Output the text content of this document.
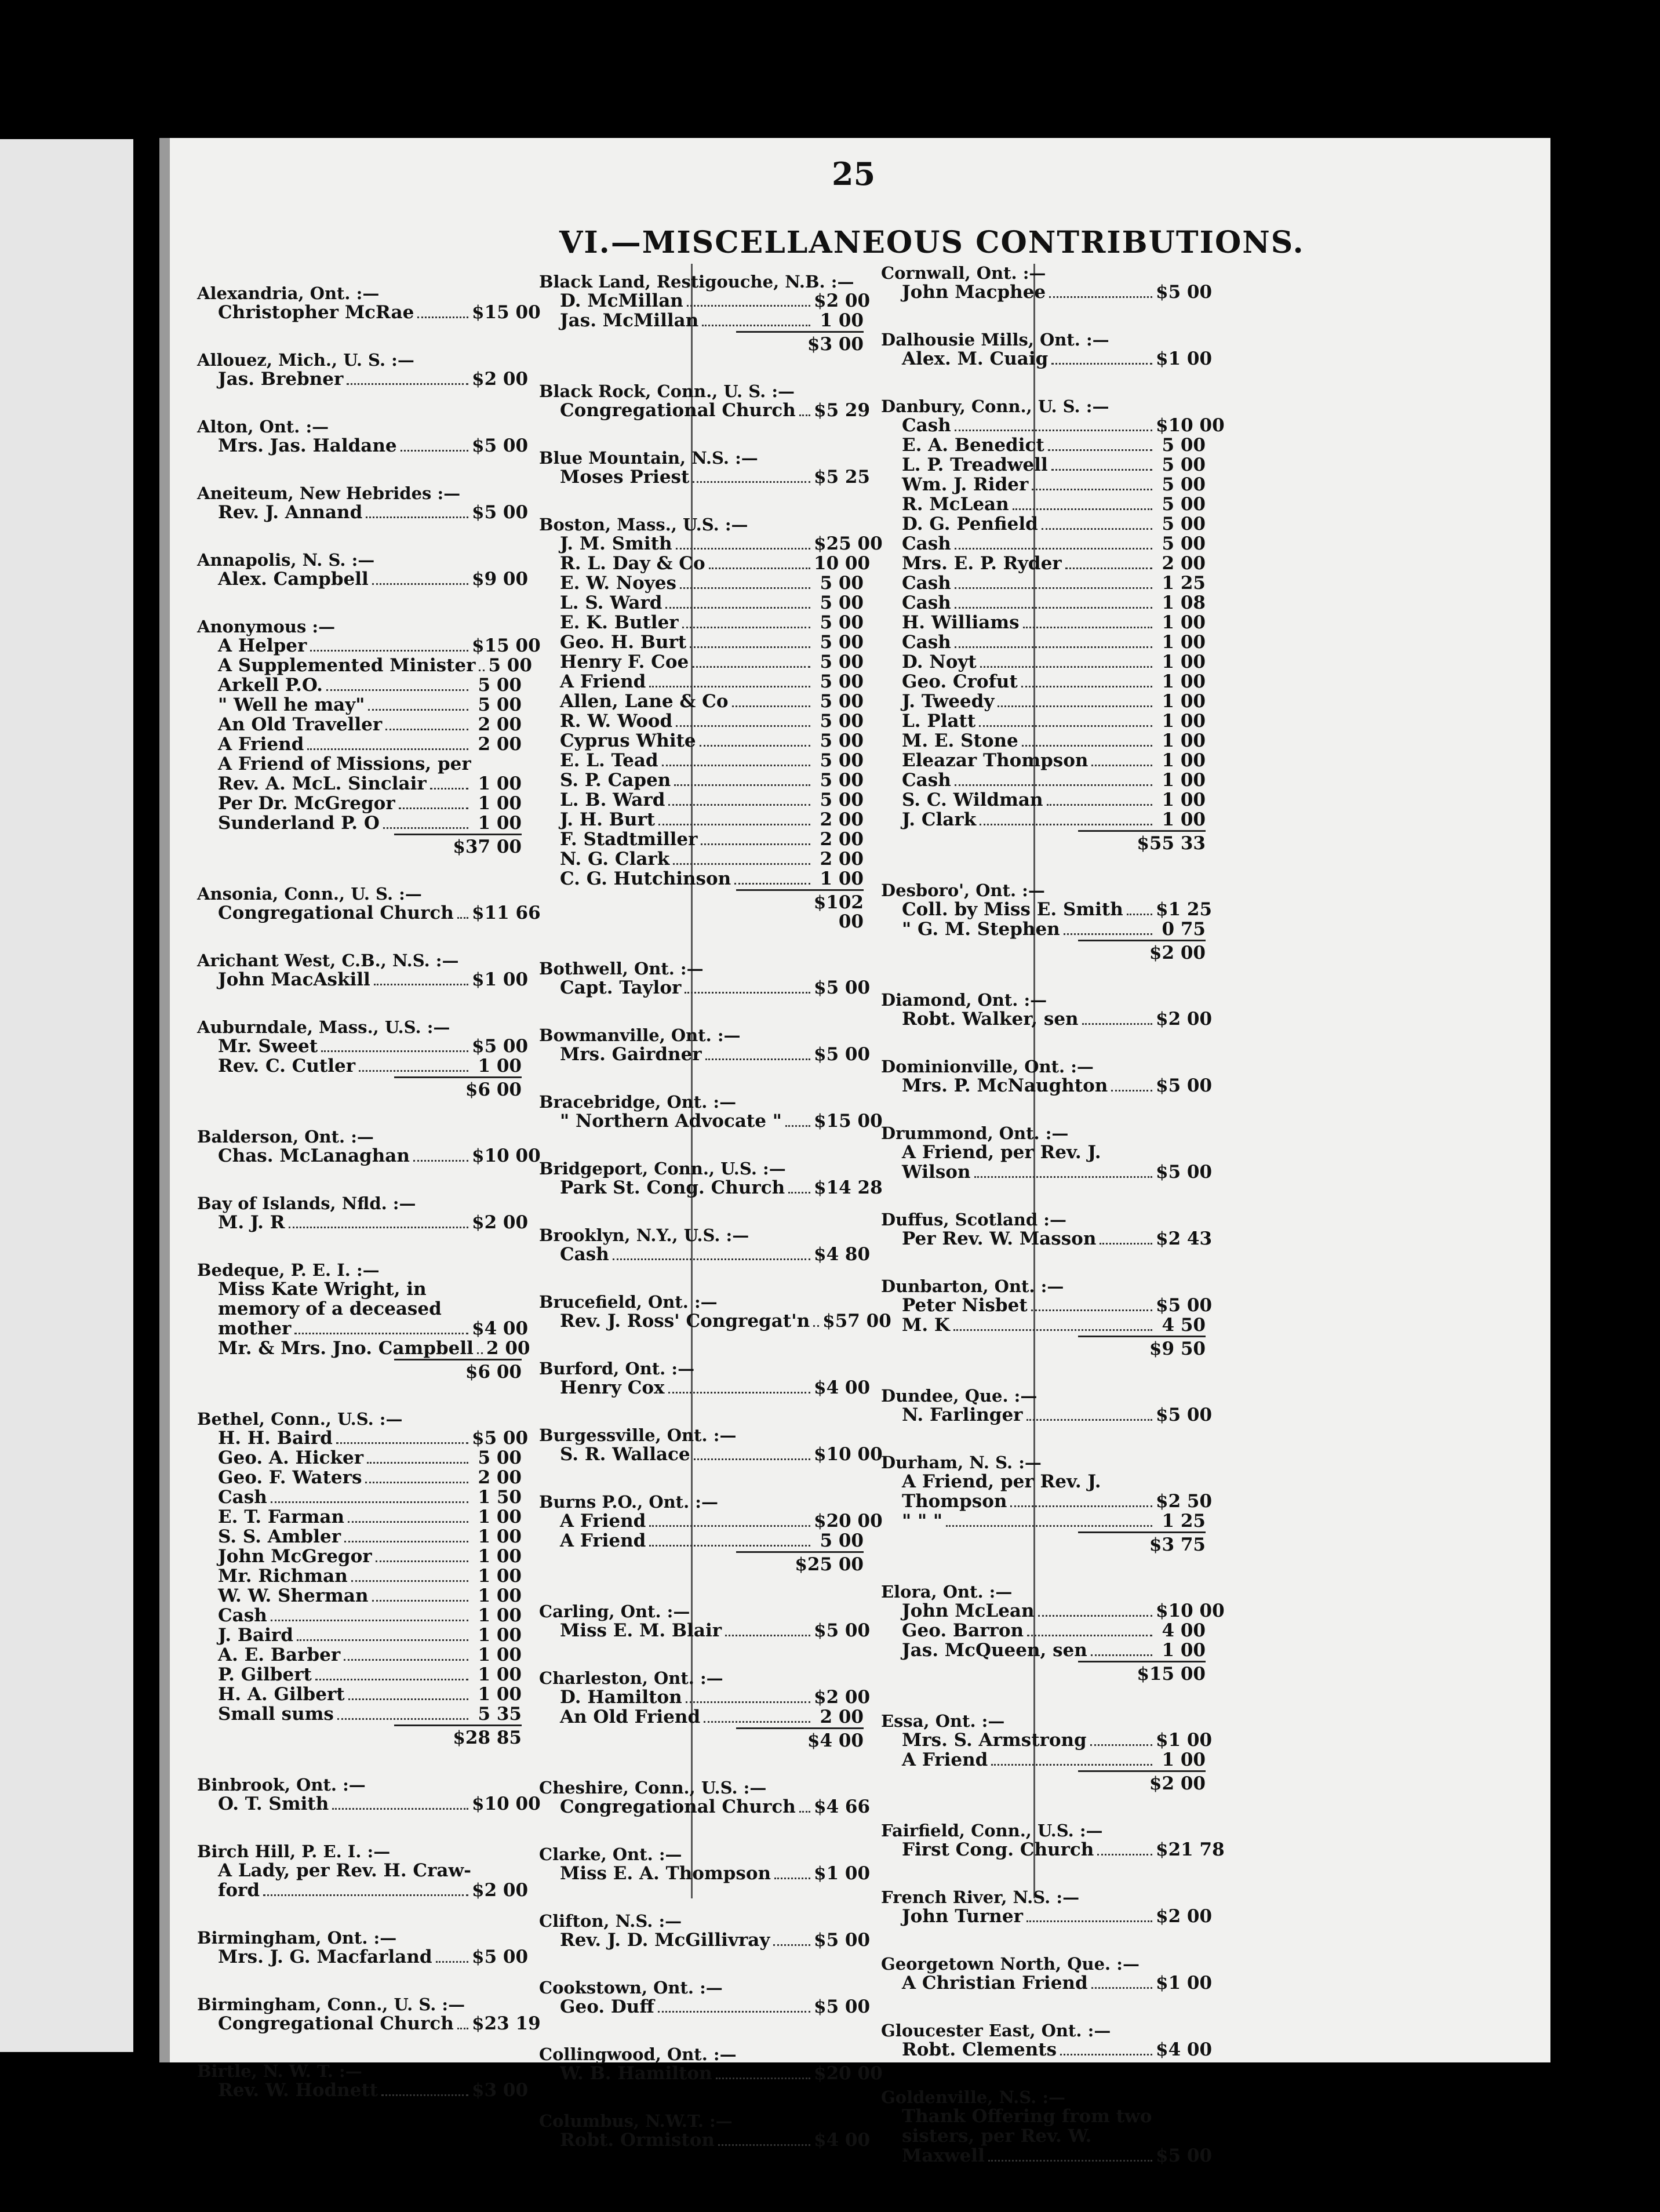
25
VI.—MISCELLANEOUS CONTRIBUTIONS.
Alexandria, Ont. :—
Christopher McRae	$15 00
Allouez, Mich., U. S. :—
Jas. Brebner	$2 00
Alton, Ont. :—
Mrs. Jas. Haldane	$5 00
Aneiteum, New Hebrides :—
Rev. J. Annand	$5 00
Annapolis, N. S. :—
Alex. Campbell	$9 00
Anonymous :—
A Helper	$15 00
A Supplemented Minister 5 00
Arkell P.O.	5 00
" Well he may"	5 00
An Old Traveller	2 00
A Friend	2 00
A Friend of Missions, per
Rev. A. McL. Sinclair	1 00
Per Dr. McGregor	1 00
Sunderland P. O	1 00
$37 00
Ansonia, Conn., U. S. :—
Congregational Church $11 66
Arichant West, C.B., N.S. :—
John MacAskill	$1 00
Auburndale, Mass., U.S. :—
Mr. Sweet	$5 00
Rev. C. Cutler	1 00
$6 00
Balderson, Ont. :—
Chas. McLanaghan	$10 00
Bay of Islands, Nfld. :—
M. J. R	$2 00
Bedeque, P. E. I. :—
Miss Kate Wright, in
memory of a deceased
mother	$4 00
Mr. & Mrs. Jno. Campbell 2 00
$6 00
Bethel, Conn., U.S. :—
H. H. Baird	$5 00
Geo. A. Hicker	5 00
Geo. F. Waters	2 00
Cash	1 50
E. T. Farman	1 00
S. S. Ambler	1 00
John McGregor	1 00
Mr. Richman	1 00
W. W. Sherman	1 00
Cash	1 00
J. Baird	1 00
A. E. Barber	1 00
P. Gilbert	1 00
H. A. Gilbert	1 00
Small sums	5 35
$28 85
Binbrook, Ont. :—
O. T. Smith	$10 00
Birch Hill, P. E. I. :—
A Lady, per Rev. H. Craw-
ford	$2 00
Birmingham, Ont. :—
Mrs. J. G. Macfarland $5 00
Birmingham, Conn., U. S. :—
Congregational Church $23 19
Birtle, N. W. T. :—
Rev. W. Hodnett	$3 00
Black Land, Restigouche, N.B. :—
D. McMillan	$2 00
Jas. McMillan	1 00
$3 00
Black Rock, Conn., U. S. :—
Congregational Church $5 29
Blue Mountain, N.S. :—
Moses Priest	$5 25
Boston, Mass., U.S. :—
J. M. Smith	$25 00
R. L. Day & Co	10 00
E. W. Noyes	5 00
L. S. Ward	5 00
E. K. Butler	5 00
Geo. H. Burt	5 00
Henry F. Coe	5 00
A Friend	5 00
Allen, Lane & Co	5 00
R. W. Wood	5 00
Cyprus White	5 00
E. L. Tead	5 00
S. P. Capen	5 00
L. B. Ward	5 00
J. H. Burt	2 00
F. Stadtmiller	2 00
N. G. Clark	2 00
C. G. Hutchinson	1 00
$102 00
Bothwell, Ont. :—
Capt. Taylor	$5 00
Bowmanville, Ont. :—
Mrs. Gairdner	$5 00
Bracebridge, Ont. :—
" Northern Advocate " $15 00
Bridgeport, Conn., U.S. :—
Park St. Cong. Church $14 28
Brooklyn, N.Y., U.S. :—
Cash	$4 80
Brucefield, Ont. :—
Rev. J. Ross' Congregat'n $57 00
Burford, Ont. :—
Henry Cox	$4 00
Burgessville, Ont. :—
S. R. Wallace	$10 00
Burns P.O., Ont. :—
A Friend	$20 00
A Friend	5 00
$25 00
Carling, Ont. :—
Miss E. M. Blair	$5 00
Charleston, Ont. :—
D. Hamilton	$2 00
An Old Friend	2 00
$4 00
Cheshire, Conn., U.S. :—
Congregational Church $4 66
Clarke, Ont. :—
Miss E. A. Thompson $1 00
Clifton, N.S. :—
Rev. J. D. McGillivray $5 00
Cookstown, Ont. :—
Geo. Duff	$5 00
Collingwood, Ont. :—
W. B. Hamilton	$20 00
Columbus, N.W.T. :—
Robt. Ormiston	$4 00
Cornwall, Ont. :—
John Macphee	$5 00
Dalhousie Mills, Ont. :—
Alex. M. Cuaig	$1 00
Danbury, Conn., U. S. :—
Cash	$10 00
E. A. Benedict	5 00
L. P. Treadwell	5 00
Wm. J. Rider	5 00
R. McLean	5 00
D. G. Penfield	5 00
Cash	5 00
Mrs. E. P. Ryder	2 00
Cash	1 25
Cash	1 08
H. Williams	1 00
Cash	1 00
D. Noyt	1 00
Geo. Crofut	1 00
J. Tweedy	1 00
L. Platt	1 00
M. E. Stone	1 00
Eleazar Thompson	1 00
Cash	1 00
S. C. Wildman	1 00
J. Clark	1 00
$55 33
Desboro', Ont. :—
Coll. by Miss E. Smith $1 25
" G. M. Stephen	0 75
$2 00
Diamond, Ont. :—
Robt. Walker, sen	$2 00
Dominionville, Ont. :—
Mrs. P. McNaughton	$5 00
Drummond, Ont. :—
A Friend, per Rev. J.
Wilson	$5 00
Duffus, Scotland :—
Per Rev. W. Masson	$2 43
Dunbarton, Ont. :—
Peter Nisbet	$5 00
M. K	4 50
$9 50
Dundee, Que. :—
N. Farlinger	$5 00
Durham, N. S. :—
A Friend, per Rev. J.
Thompson	$2 50
" " "	1 25
$3 75
Elora, Ont. :—
John McLean	$10 00
Geo. Barron	4 00
Jas. McQueen, sen	1 00
$15 00
Essa, Ont. :—
Mrs. S. Armstrong	$1 00
A Friend	1 00
$2 00
Fairfield, Conn., U.S. :—
First Cong. Church	$21 78
French River, N.S. :—
John Turner	$2 00
Georgetown North, Que. :—
A Christian Friend	$1 00
Gloucester East, Ont. :—
Robt. Clements	$4 00
Goldenville, N.S. :—
Thank Offering from two
sisters, per Rev. W.
Maxwell	$5 00
